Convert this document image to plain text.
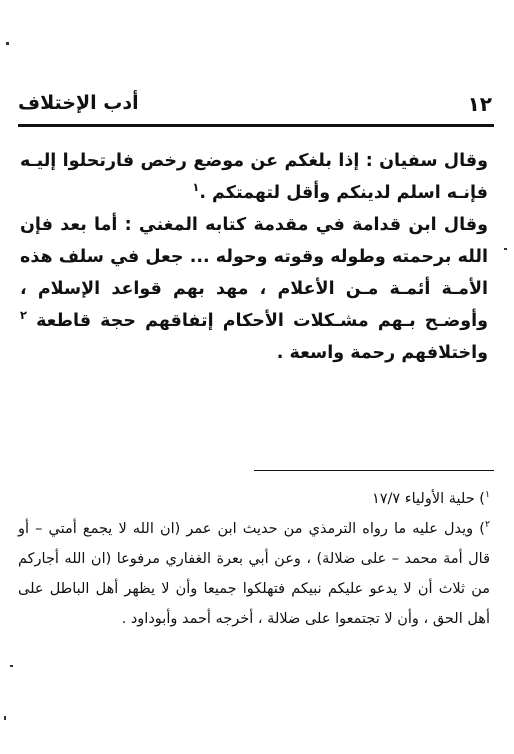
١٢
أدب الإختلاف

وقال سفيان : إذا بلغكم عن موضع رخص فارتحلوا إليـه فإنـه اسلم لدينكم وأقل لتهمتكم .$^١$

وقال ابن قدامة في مقدمة كتابه المغني : أما بعد فإن الله برحمته وطوله وقوته وحوله ... جعل في سلف هذه الأمـة أئمـة مـن الأعلام ، مهد بهم قواعد الإسلام ، وأوضـح بـهم مشـكلات الأحكام إتفاقهم حجة قاطعة $^٢$ واختلافهم رحمة واسعة .

$^١$) حلية الأولياء ١٧/٧

$^٢$) ويدل عليه ما رواه الترمذي من حديث ابن عمر (ان الله لا يجمع أمتي – أو قال أمة محمد – على ضلالة) ، وعن أبي بعرة الغفاري مرفوعا (ان الله أجاركم من ثلاث أن لا يدعو عليكم نبيكم فتهلكوا جميعا وأن لا يظهر أهل الباطل على أهل الحق ، وأن لا تجتمعوا على ضلالة ، أخرجه أحمد وأبوداود .
